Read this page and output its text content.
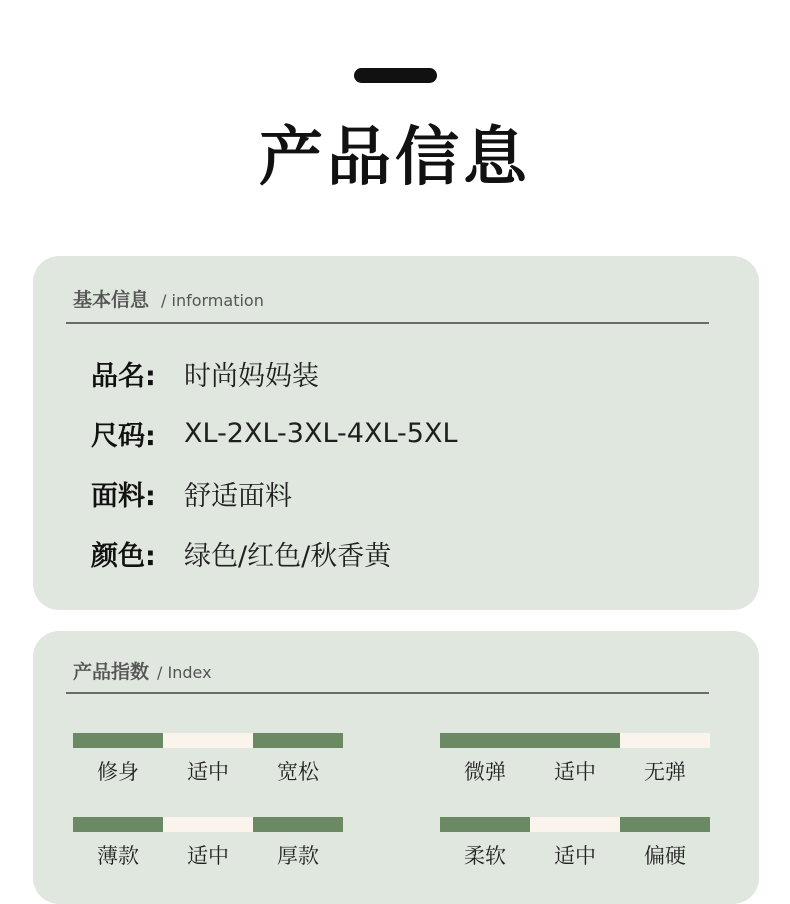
产品信息
基本信息 / information
品名:	时尚妈妈装
尺码:	XL-2XL-3XL-4XL-5XL
面料:	舒适面料
颜色:	绿色/红色/秋香黄
产品指数 / Index
修身	适中	宽松	微弹	适中	无弹
薄款	适中	厚款	柔软	适中	偏硬
